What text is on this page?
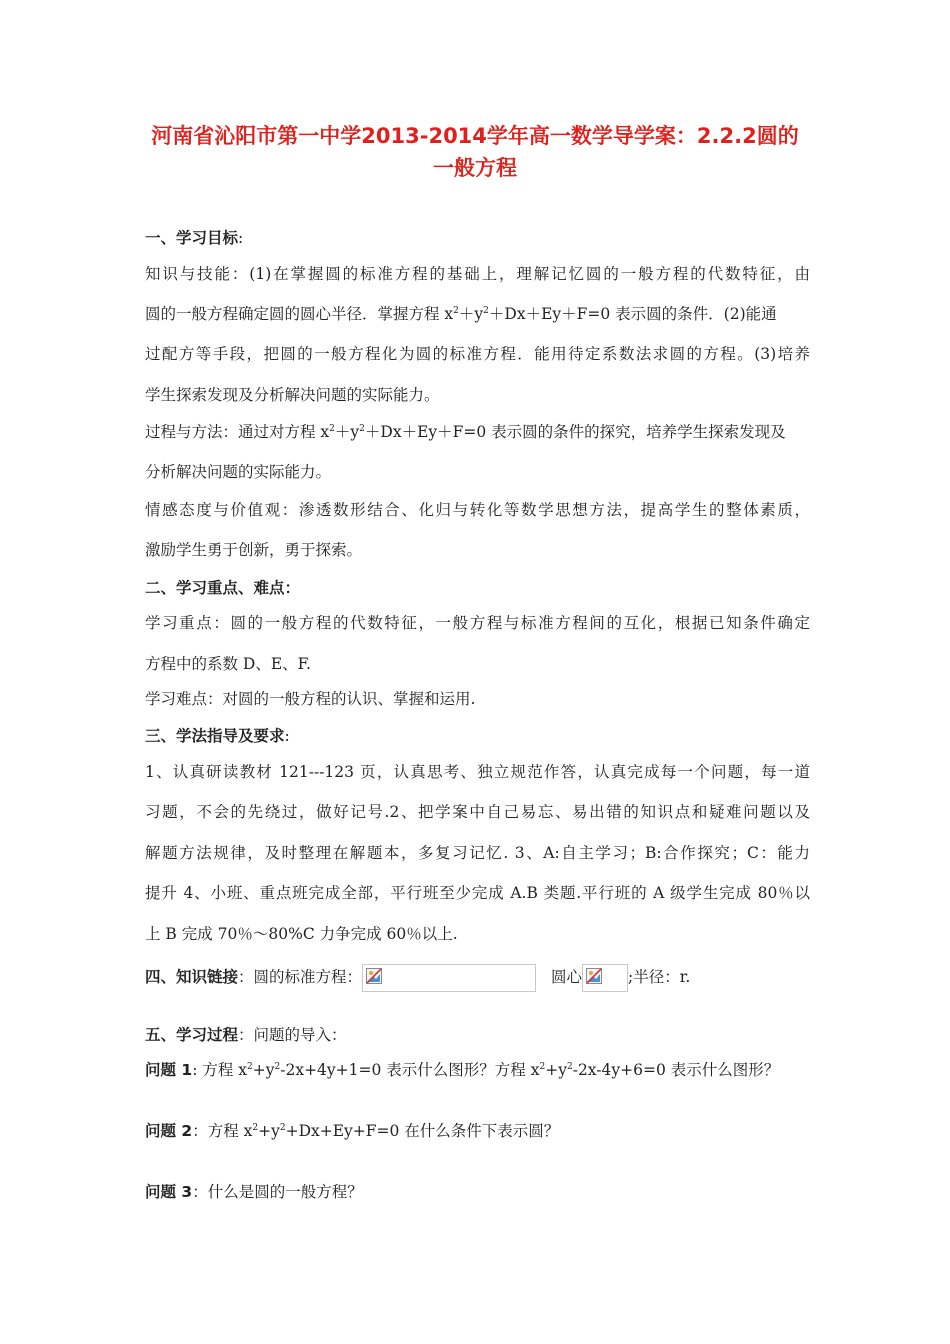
河南省沁阳市第一中学2013-2014学年高一数学导学案：2.2.2圆的
一般方程
一、学习目标:
知识与技能：(1)在掌握圆的标准方程的基础上，理解记忆圆的一般方程的代数特征，由
圆的一般方程确定圆的圆心半径．掌握方程 $x^2+y^2+Dx+Ey+F=0$ 表示圆的条件．(2)能通
过配方等手段，把圆的一般方程化为圆的标准方程．能用待定系数法求圆的方程。(3)培养
学生探索发现及分析解决问题的实际能力。
过程与方法：通过对方程 $x^2+y^2+Dx+Ey+F=0$ 表示圆的条件的探究，培养学生探索发现及
分析解决问题的实际能力。
情感态度与价值观：渗透数形结合、化归与转化等数学思想方法，提高学生的整体素质，
激励学生勇于创新，勇于探索。
二、学习重点、难点：
学习重点：圆的一般方程的代数特征，一般方程与标准方程间的互化，根据已知条件确定
方程中的系数 D、E、F.
学习难点：对圆的一般方程的认识、掌握和运用.
三、学法指导及要求:
1、认真研读教材 121---123 页，认真思考、独立规范作答，认真完成每一个问题，每一道
习题，不会的先绕过，做好记号.2、把学案中自己易忘、易出错的知识点和疑难问题以及
解题方法规律，及时整理在解题本，多复习记忆. 3、A:自主学习；B:合作探究；C：能力
提升 4、小班、重点班完成全部，平行班至少完成 A.B 类题.平行班的 A 级学生完成 80％以
上 B 完成 70％～80%C 力争完成 60％以上.
四、知识链接：圆的标准方程：	圆心	;半径：r.
五、学习过程：问题的导入：
问题 1: 方程 $x^2+y^2-2x+4y+1=0$ 表示什么图形？方程 $x^2+y^2-2x-4y+6=0$ 表示什么图形？
问题 2：方程 $x^2+y^2+Dx+Ey+F=0$ 在什么条件下表示圆？
问题 3：什么是圆的一般方程？
